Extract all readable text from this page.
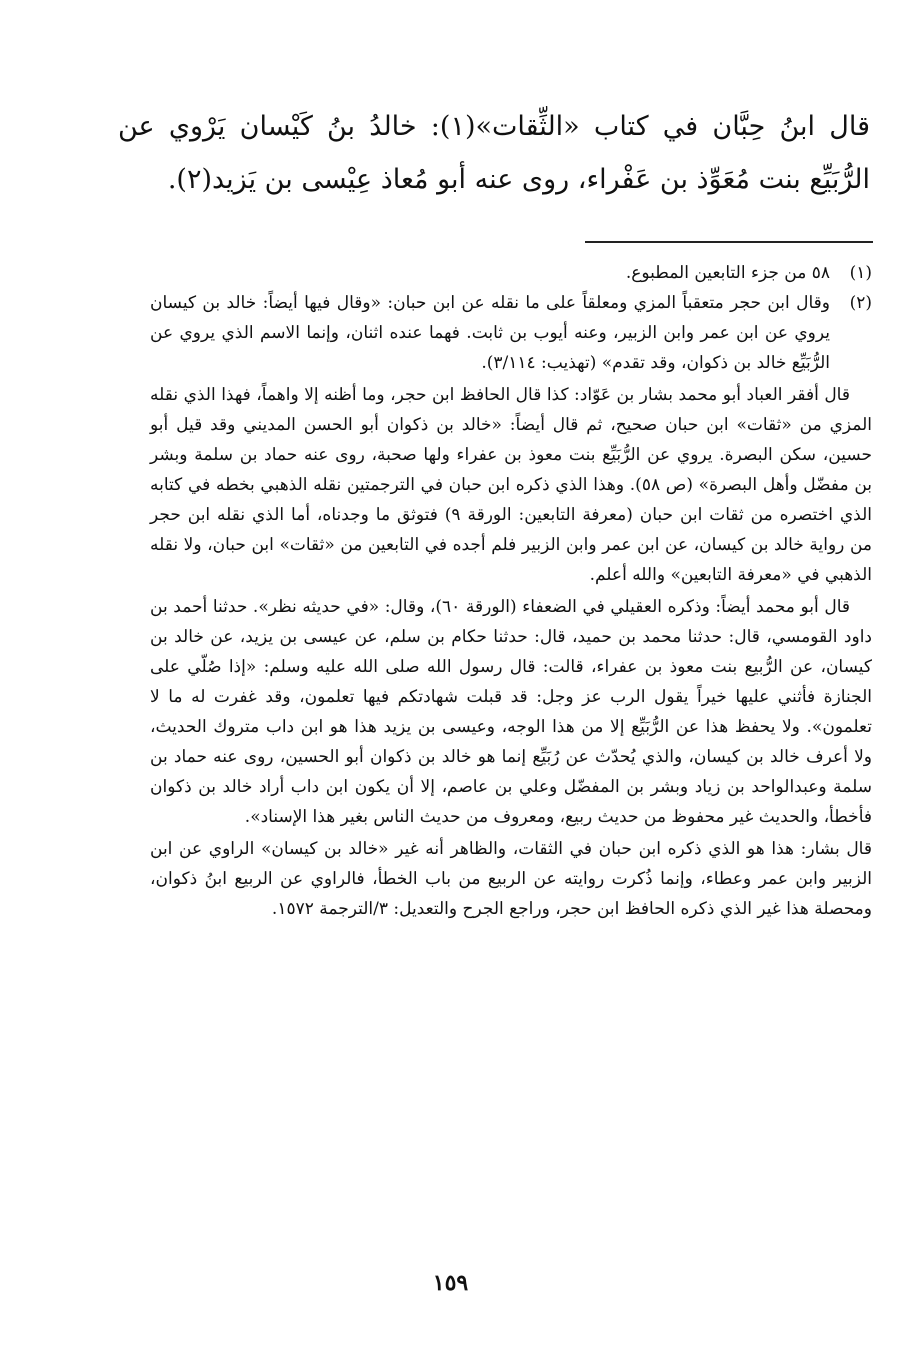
قال ابنُ حِبَّان في كتاب «الثِّقات»(١): خالدُ بنُ كَيْسان يَرْوي عن الرُّبَيِّع بنت مُعَوِّذ بن عَفْراء، روى عنه أبو مُعاذ عِيْسى بن يَزيد(٢).
(١)
٥٨ من جزء التابعين المطبوع.
(٢)
وقال ابن حجر متعقباً المزي ومعلقاً على ما نقله عن ابن حبان: «وقال فيها أيضاً: خالد بن كيسان يروي عن ابن عمر وابن الزبير، وعنه أيوب بن ثابت. فهما عنده اثنان، وإنما الاسم الذي يروي عن الرُّبَيِّع خالد بن ذكوان، وقد تقدم» (تهذيب: ٣/١١٤).
قال أفقر العباد أبو محمد بشار بن عَوّاد: كذا قال الحافظ ابن حجر، وما أظنه إلا واهماً، فهذا الذي نقله المزي من «ثقات» ابن حبان صحيح، ثم قال أيضاً: «خالد بن ذكوان أبو الحسن المديني وقد قيل أبو حسين، سكن البصرة. يروي عن الرُّبَيِّع بنت معوذ بن عفراء ولها صحبة، روى عنه حماد بن سلمة وبشر بن مفضّل وأهل البصرة» (ص ٥٨). وهذا الذي ذكره ابن حبان في الترجمتين نقله الذهبي بخطه في كتابه الذي اختصره من ثقات ابن حبان (معرفة التابعين: الورقة ٩) فتوثق ما وجدناه، أما الذي نقله ابن حجر من رواية خالد بن كيسان، عن ابن عمر وابن الزبير فلم أجده في التابعين من «ثقات» ابن حبان، ولا نقله الذهبي في «معرفة التابعين» والله أعلم.
قال أبو محمد أيضاً: وذكره العقيلي في الضعفاء (الورقة ٦٠)، وقال: «في حديثه نظر». حدثنا أحمد بن داود القومسي، قال: حدثنا محمد بن حميد، قال: حدثنا حكام بن سلم، عن عيسى بن يزيد، عن خالد بن كيسان، عن الرُّبيع بنت معوذ بن عفراء، قالت: قال رسول الله صلى الله عليه وسلم: «إذا صُلّي على الجنازة فأثني عليها خيراً يقول الرب عز وجل: قد قبلت شهادتكم فيها تعلمون، وقد غفرت له ما لا تعلمون». ولا يحفظ هذا عن الرُّبَيِّع إلا من هذا الوجه، وعيسى بن يزيد هذا هو ابن داب متروك الحديث، ولا أعرف خالد بن كيسان، والذي يُحدّث عن رُبَيِّع إنما هو خالد بن ذكوان أبو الحسين، روى عنه حماد بن سلمة وعبدالواحد بن زياد وبشر بن المفضّل وعلي بن عاصم، إلا أن يكون ابن داب أراد خالد بن ذكوان فأخطأ، والحديث غير محفوظ من حديث ربيع، ومعروف من حديث الناس بغير هذا الإسناد».
قال بشار: هذا هو الذي ذكره ابن حبان في الثقات، والظاهر أنه غير «خالد بن كيسان» الراوي عن ابن الزبير وابن عمر وعطاء، وإنما ذُكرت روايته عن الربيع من باب الخطأ، فالراوي عن الربيع ابنُ ذكوان، ومحصلة هذا غير الذي ذكره الحافظ ابن حجر، وراجع الجرح والتعديل: ٣/الترجمة ١٥٧٢.
١٥٩
